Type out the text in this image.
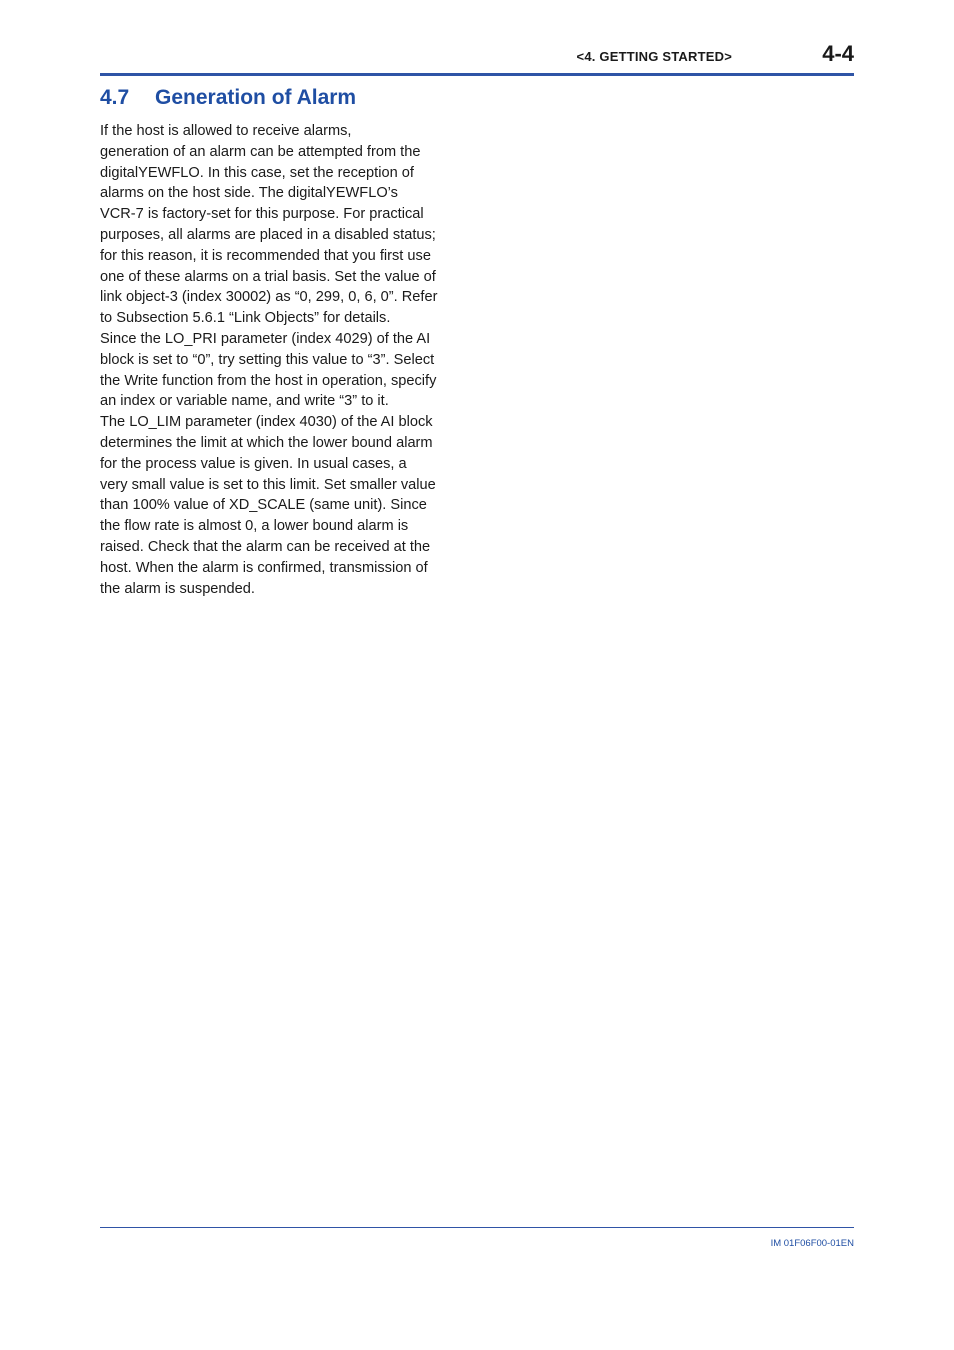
<4. GETTING STARTED>	4-4
4.7 Generation of Alarm

If the host is allowed to receive alarms,

generation of an alarm can be attempted from the

digitalYEWFLO. In this case, set the reception of

alarms on the host side. The digitalYEWFLO’s

VCR-7 is factory-set for this purpose. For practical

purposes, all alarms are placed in a disabled status;

for this reason, it is recommended that you first use

one of these alarms on a trial basis. Set the value of

link object-3 (index 30002) as “0, 299, 0, 6, 0”. Refer

to Subsection 5.6.1 “Link Objects” for details.

Since the LO_PRI parameter (index 4029) of the AI

block is set to “0”, try setting this value to “3”. Select

the Write function from the host in operation, specify

an index or variable name, and write “3” to it.

The LO_LIM parameter (index 4030) of the AI block

determines the limit at which the lower bound alarm

for the process value is given. In usual cases, a

very small value is set to this limit. Set smaller value

than 100% value of XD_SCALE (same unit). Since

the flow rate is almost 0, a lower bound alarm is

raised. Check that the alarm can be received at the

host. When the alarm is confirmed, transmission of

the alarm is suspended.

IM 01F06F00-01EN
